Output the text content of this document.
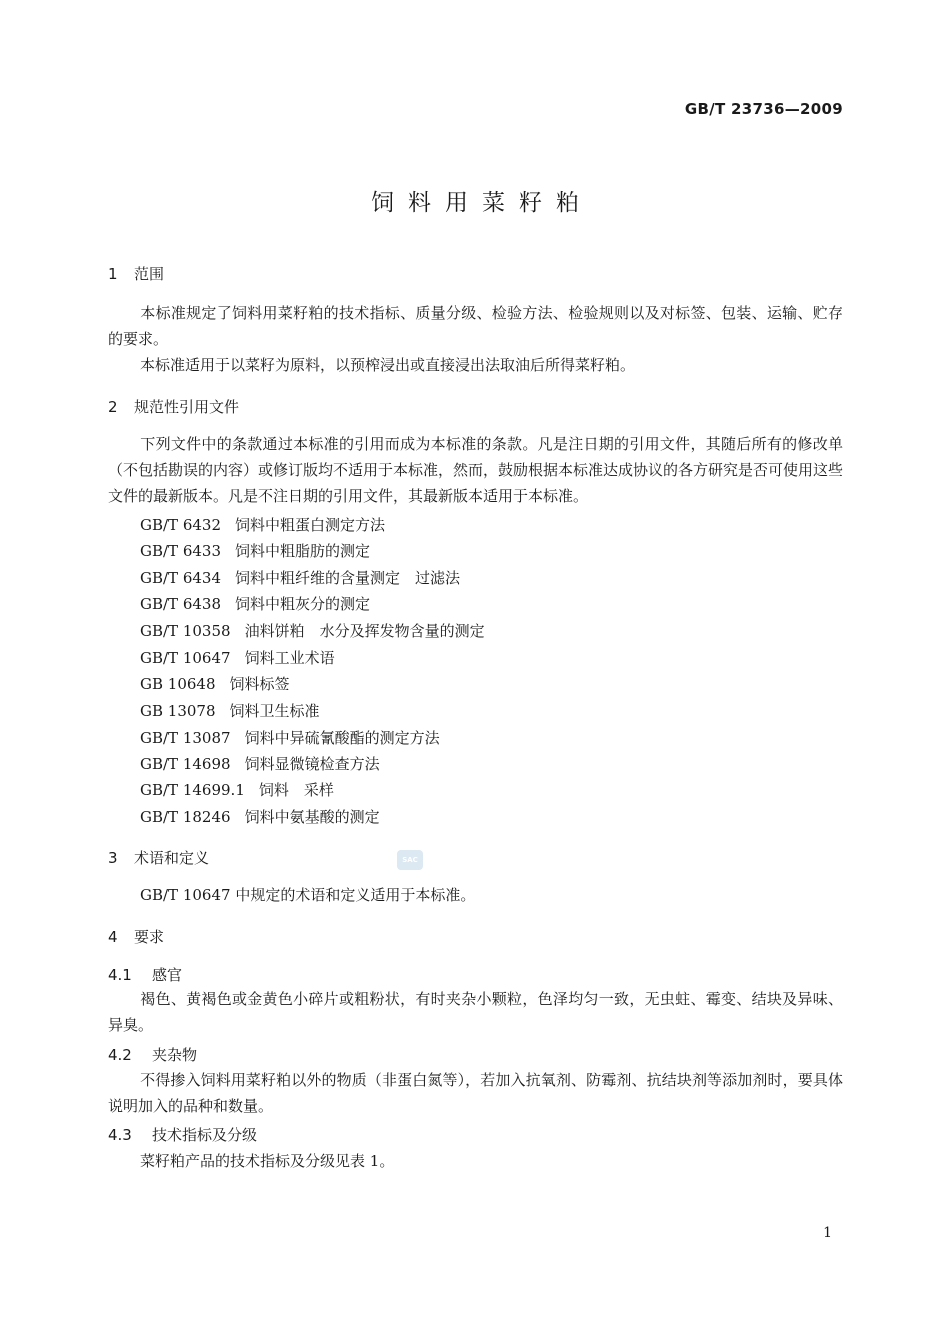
GB/T 23736—2009
饲料用菜籽粕
1 范围
本标准规定了饲料用菜籽粕的技术指标、质量分级、检验方法、检验规则以及对标签、包装、运输、贮存的要求。
本标准适用于以菜籽为原料，以预榨浸出或直接浸出法取油后所得菜籽粕。
2 规范性引用文件
下列文件中的条款通过本标准的引用而成为本标准的条款。凡是注日期的引用文件，其随后所有的修改单（不包括勘误的内容）或修订版均不适用于本标准，然而，鼓励根据本标准达成协议的各方研究是否可使用这些文件的最新版本。凡是不注日期的引用文件，其最新版本适用于本标准。
GB/T 6432 饲料中粗蛋白测定方法
GB/T 6433 饲料中粗脂肪的测定
GB/T 6434 饲料中粗纤维的含量测定　过滤法
GB/T 6438 饲料中粗灰分的测定
GB/T 10358 油料饼粕　水分及挥发物含量的测定
GB/T 10647 饲料工业术语
GB 10648 饲料标签
GB 13078 饲料卫生标准
GB/T 13087 饲料中异硫氰酸酯的测定方法
GB/T 14698 饲料显微镜检查方法
GB/T 14699.1 饲料　采样
GB/T 18246 饲料中氨基酸的测定
3 术语和定义	SAC
GB/T 10647 中规定的术语和定义适用于本标准。
4 要求
4.1 感官
褐色、黄褐色或金黄色小碎片或粗粉状，有时夹杂小颗粒，色泽均匀一致，无虫蛀、霉变、结块及异味、异臭。
4.2 夹杂物
不得掺入饲料用菜籽粕以外的物质（非蛋白氮等），若加入抗氧剂、防霉剂、抗结块剂等添加剂时，要具体说明加入的品种和数量。
4.3 技术指标及分级
菜籽粕产品的技术指标及分级见表 1。
1
